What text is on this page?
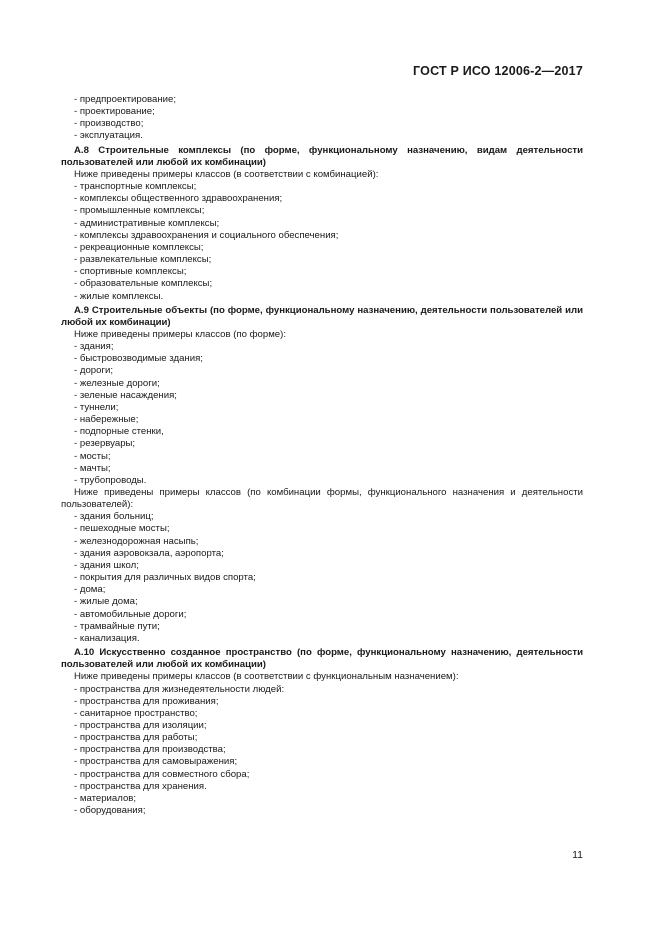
ГОСТ Р ИСО 12006-2—2017
- предпроектирование;
- проектирование;
- производство;
- эксплуатация.
А.8 Строительные комплексы (по форме, функциональному назначению, видам деятельности пользователей или любой их комбинации)
Ниже приведены примеры классов (в соответствии с комбинацией):
- транспортные комплексы;
- комплексы общественного здравоохранения;
- промышленные комплексы;
- административные комплексы;
- комплексы здравоохранения и социального обеспечения;
- рекреационные комплексы;
- развлекательные комплексы;
- спортивные комплексы;
- образовательные комплексы;
- жилые комплексы.
А.9 Строительные объекты (по форме, функциональному назначению, деятельности пользователей или любой их комбинации)
Ниже приведены примеры классов (по форме):
- здания;
- быстровозводимые здания;
- дороги;
- железные дороги;
- зеленые насаждения;
- туннели;
- набережные;
- подпорные стенки,
- резервуары;
- мосты;
- мачты;
- трубопроводы.
Ниже приведены примеры классов (по комбинации формы, функционального назначения и деятельности пользователей):
- здания больниц;
- пешеходные мосты;
- железнодорожная насыпь;
- здания аэровокзала, аэропорта;
- здания школ;
- покрытия для различных видов спорта;
- дома;
- жилые дома;
- автомобильные дороги;
- трамвайные пути;
- канализация.
А.10 Искусственно созданное пространство (по форме, функциональному назначению, деятельности пользователей или любой их комбинации)
Ниже приведены примеры классов (в соответствии с функциональным назначением):
- пространства для жизнедеятельности людей:
- пространства для проживания;
- санитарное пространство;
- пространства для изоляции;
- пространства для работы;
- пространства для производства;
- пространства для самовыражения;
- пространства для совместного сбора;
- пространства для хранения.
- материалов;
- оборудования;
11
